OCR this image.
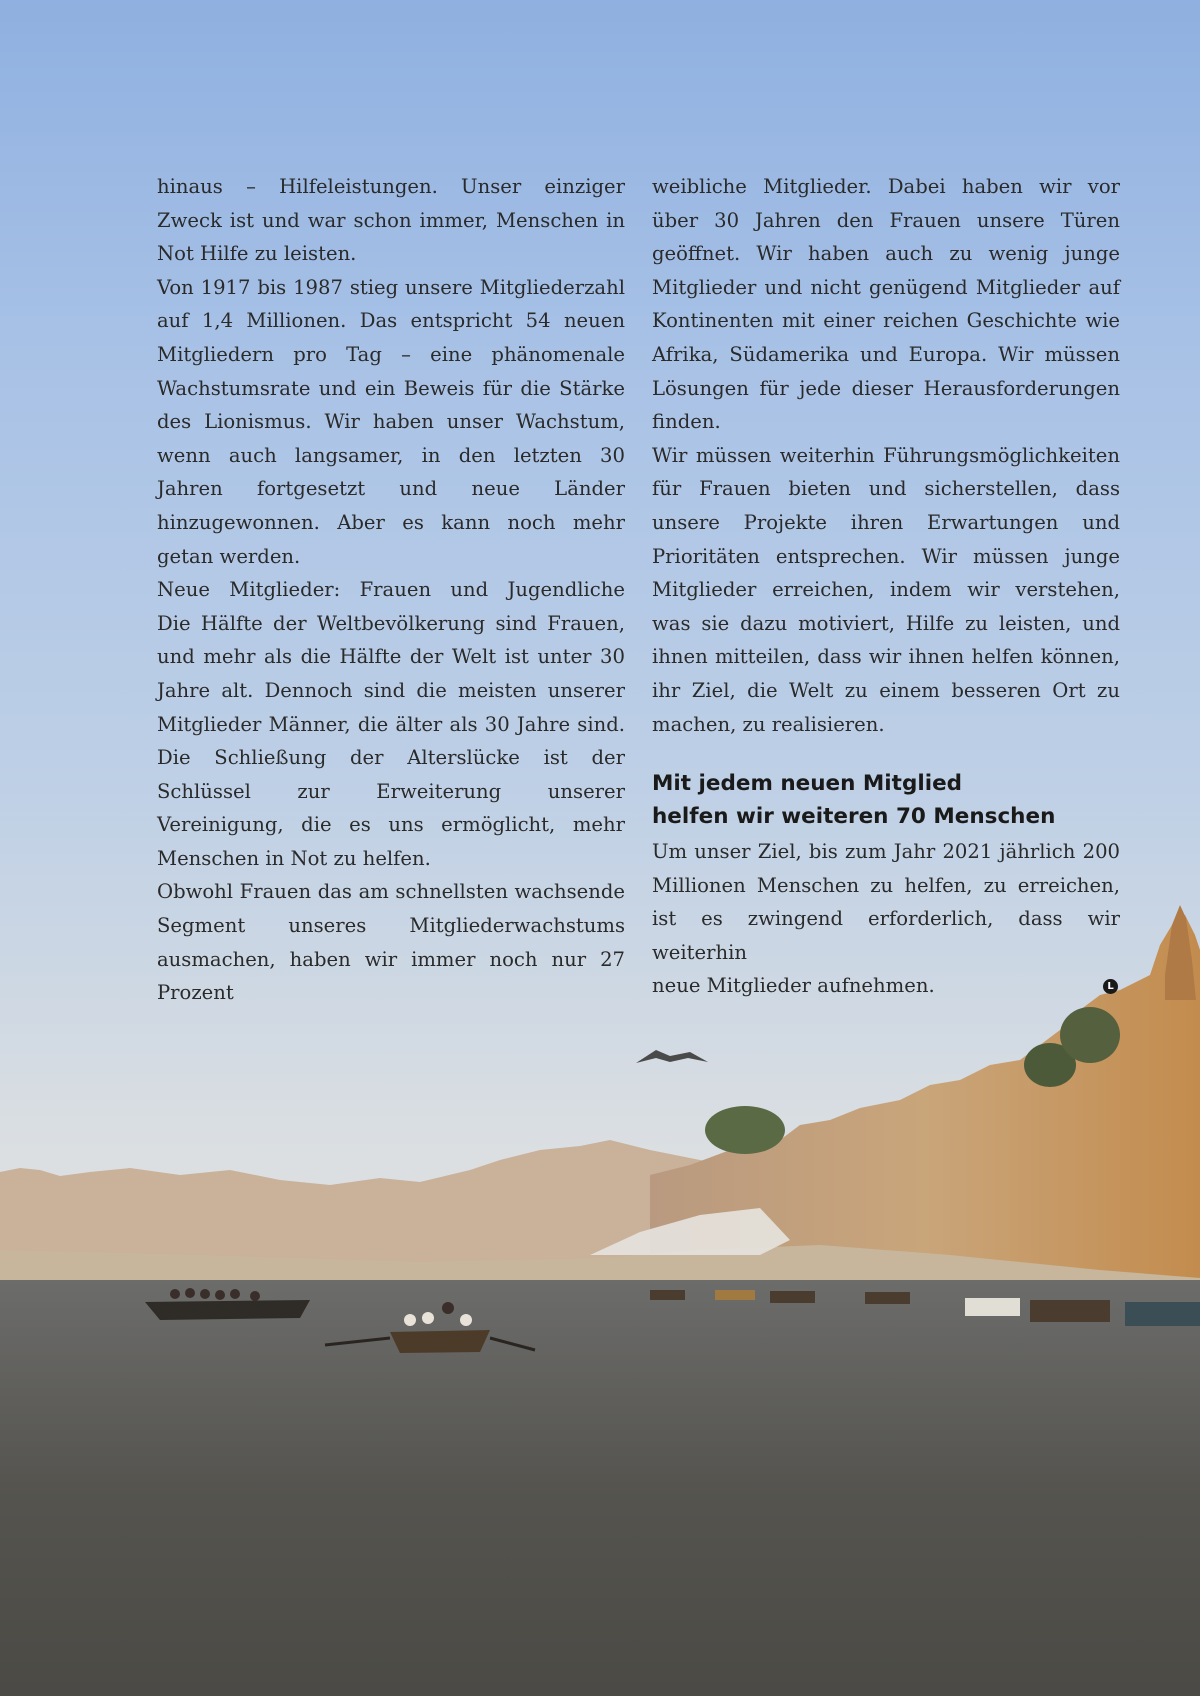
hinaus – Hilfeleistungen. Unser einziger Zweck ist und war schon immer, Menschen in Not Hilfe zu leisten.

Von 1917 bis 1987 stieg unsere Mitgliederzahl auf 1,4 Millionen. Das entspricht 54 neuen Mitgliedern pro Tag – eine phänomenale Wachstumsrate und ein Beweis für die Stärke des Lionismus. Wir haben unser Wachstum, wenn auch langsamer, in den letzten 30 Jahren fortgesetzt und neue Länder hinzugewonnen. Aber es kann noch mehr getan werden.

Neue Mitglieder: Frauen und Jugendliche

Die Hälfte der Weltbevölkerung sind Frauen, und mehr als die Hälfte der Welt ist unter 30 Jahre alt. Dennoch sind die meisten unserer Mitglieder Männer, die älter als 30 Jahre sind. Die Schließung der Alterslücke ist der Schlüssel zur Erweiterung unserer Vereinigung, die es uns ermöglicht, mehr Menschen in Not zu helfen.

Obwohl Frauen das am schnellsten wachsende Segment unseres Mitgliederwachstums ausmachen, haben wir immer noch nur 27 Prozent

weibliche Mitglieder. Dabei haben wir vor über 30 Jahren den Frauen unsere Türen geöffnet. Wir haben auch zu wenig junge Mitglieder und nicht genügend Mitglieder auf Kontinenten mit einer reichen Geschichte wie Afrika, Südamerika und Europa. Wir müssen Lösungen für jede dieser Herausforderungen finden.

Wir müssen weiterhin Führungsmöglichkeiten für Frauen bieten und sicherstellen, dass unsere Projekte ihren Erwartungen und Prioritäten entsprechen. Wir müssen junge Mitglieder erreichen, indem wir verstehen, was sie dazu motiviert, Hilfe zu leisten, und ihnen mitteilen, dass wir ihnen helfen können, ihr Ziel, die Welt zu einem besseren Ort zu machen, zu realisieren.

Mit jedem neuen Mitglied
helfen wir weiteren 70 Menschen

Um unser Ziel, bis zum Jahr 2021 jährlich 200 Millionen Menschen zu helfen, zu erreichen, ist es zwingend erforderlich, dass wir weiterhin

neue Mitglieder aufnehmen.	L
